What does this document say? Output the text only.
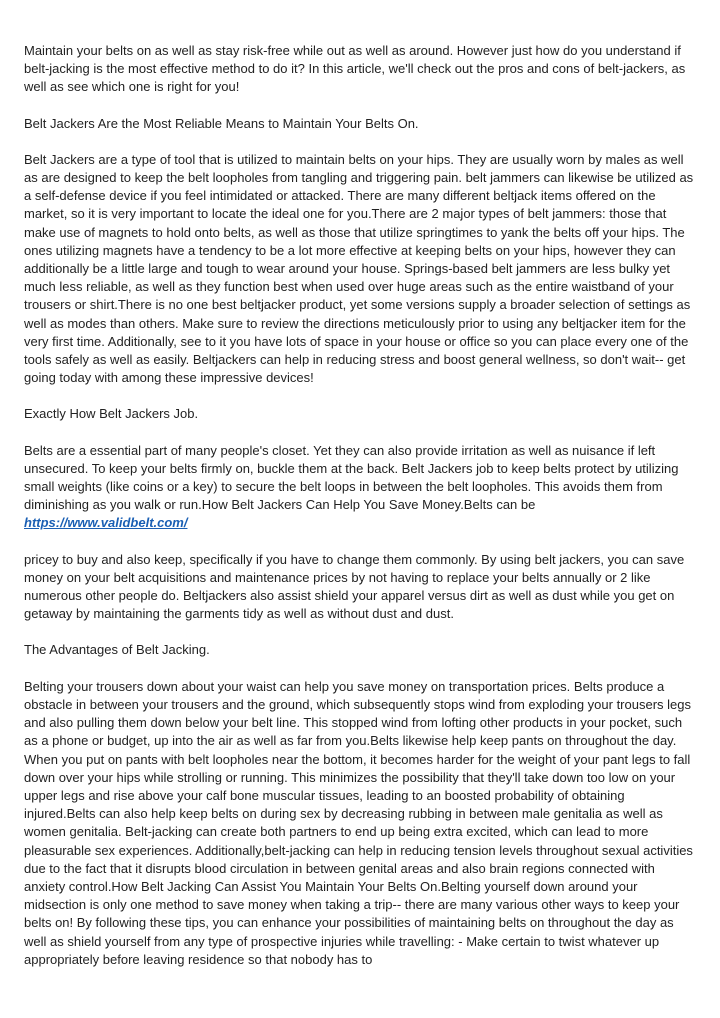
Maintain your belts on as well as stay risk-free while out as well as around. However just how do you understand if belt-jacking is the most effective method to do it? In this article, we'll check out the pros and cons of belt-jackers, as well as see which one is right for you!

Belt Jackers Are the Most Reliable Means to Maintain Your Belts On.

Belt Jackers are a type of tool that is utilized to maintain belts on your hips. They are usually worn by males as well as are designed to keep the belt loopholes from tangling and triggering pain. belt jammers can likewise be utilized as a self-defense device if you feel intimidated or attacked. There are many different beltjack items offered on the market, so it is very important to locate the ideal one for you.There are 2 major types of belt jammers: those that make use of magnets to hold onto belts, as well as those that utilize springtimes to yank the belts off your hips. The ones utilizing magnets have a tendency to be a lot more effective at keeping belts on your hips, however they can additionally be a little large and tough to wear around your house. Springs-based belt jammers are less bulky yet much less reliable, as well as they function best when used over huge areas such as the entire waistband of your trousers or shirt.There is no one best beltjacker product, yet some versions supply a broader selection of settings as well as modes than others. Make sure to review the directions meticulously prior to using any beltjacker item for the very first time. Additionally, see to it you have lots of space in your house or office so you can place every one of the tools safely as well as easily. Beltjackers can help in reducing stress and boost general wellness, so don't wait-- get going today with among these impressive devices!

Exactly How Belt Jackers Job.

Belts are a essential part of many people's closet. Yet they can also provide irritation as well as nuisance if left unsecured. To keep your belts firmly on, buckle them at the back. Belt Jackers job to keep belts protect by utilizing small weights (like coins or a key) to secure the belt loops in between the belt loopholes. This avoids them from diminishing as you walk or run.How Belt Jackers Can Help You Save Money.Belts can be

https://www.validbelt.com/

pricey to buy and also keep, specifically if you have to change them commonly. By using belt jackers, you can save money on your belt acquisitions and maintenance prices by not having to replace your belts annually or 2 like numerous other people do. Beltjackers also assist shield your apparel versus dirt as well as dust while you get on getaway by maintaining the garments tidy as well as without dust and dust.

The Advantages of Belt Jacking.

Belting your trousers down about your waist can help you save money on transportation prices. Belts produce a obstacle in between your trousers and the ground, which subsequently stops wind from exploding your trousers legs and also pulling them down below your belt line. This stopped wind from lofting other products in your pocket, such as a phone or budget, up into the air as well as far from you.Belts likewise help keep pants on throughout the day. When you put on pants with belt loopholes near the bottom, it becomes harder for the weight of your pant legs to fall down over your hips while strolling or running. This minimizes the possibility that they'll take down too low on your upper legs and rise above your calf bone muscular tissues, leading to an boosted probability of obtaining injured.Belts can also help keep belts on during sex by decreasing rubbing in between male genitalia as well as women genitalia. Belt-jacking can create both partners to end up being extra excited, which can lead to more pleasurable sex experiences. Additionally,belt-jacking can help in reducing tension levels throughout sexual activities due to the fact that it disrupts blood circulation in between genital areas and also brain regions connected with anxiety control.How Belt Jacking Can Assist You Maintain Your Belts On.Belting yourself down around your midsection is only one method to save money when taking a trip-- there are many various other ways to keep your belts on! By following these tips, you can enhance your possibilities of maintaining belts on throughout the day as well as shield yourself from any type of prospective injuries while travelling: - Make certain to twist whatever up appropriately before leaving residence so that nobody has to
